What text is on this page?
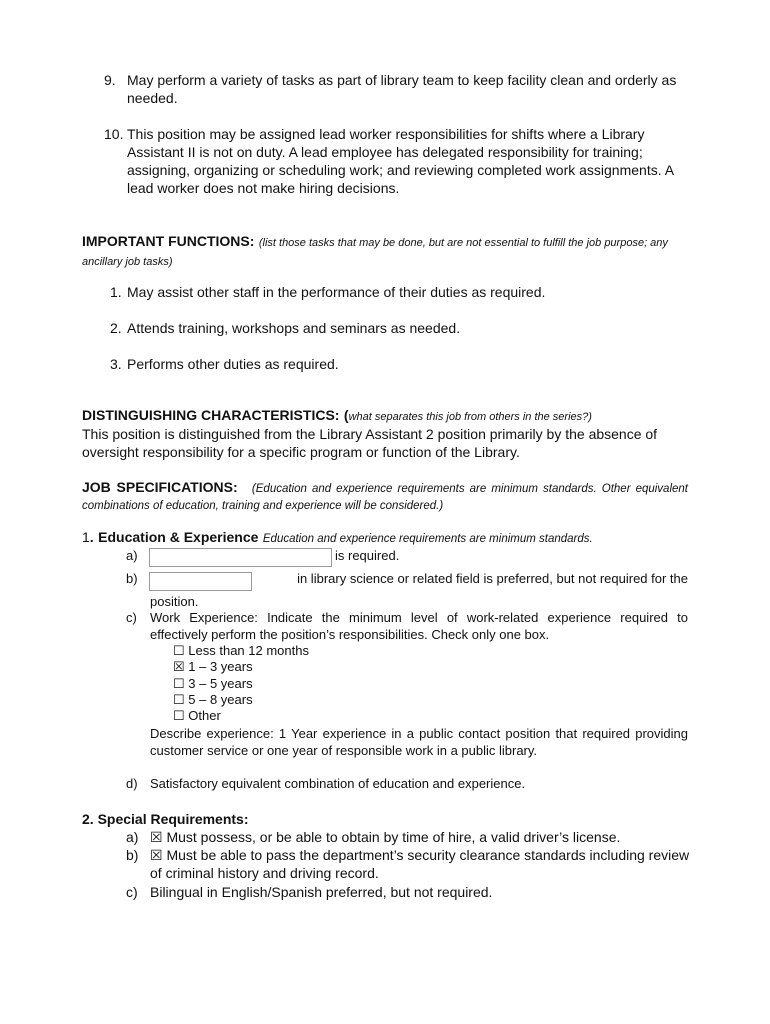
9. May perform a variety of tasks as part of library team to keep facility clean and orderly as needed.
10. This position may be assigned lead worker responsibilities for shifts where a Library Assistant II is not on duty. A lead employee has delegated responsibility for training; assigning, organizing or scheduling work; and reviewing completed work assignments. A lead worker does not make hiring decisions.
IMPORTANT FUNCTIONS: (list those tasks that may be done, but are not essential to fulfill the job purpose; any ancillary job tasks)
1. May assist other staff in the performance of their duties as required.
2. Attends training, workshops and seminars as needed.
3. Performs other duties as required.
DISTINGUISHING CHARACTERISTICS: (what separates this job from others in the series?)
This position is distinguished from the Library Assistant 2 position primarily by the absence of oversight responsibility for a specific program or function of the Library.
JOB SPECIFICATIONS: (Education and experience requirements are minimum standards. Other equivalent combinations of education, training and experience will be considered.)
1. Education & Experience Education and experience requirements are minimum standards.
a)	is required.
b)	in library science or related field is preferred, but not required for the
position.
c) Work Experience: Indicate the minimum level of work-related experience required to effectively perform the position’s responsibilities. Check only one box.
☐ Less than 12 months
☒ 1 – 3 years
☐ 3 – 5 years
☐ 5 – 8 years
☐ Other
Describe experience: 1 Year experience in a public contact position that required providing customer service or one year of responsible work in a public library.
d) Satisfactory equivalent combination of education and experience.
2. Special Requirements:
a) ☒ Must possess, or be able to obtain by time of hire, a valid driver’s license.
b) ☒ Must be able to pass the department’s security clearance standards including review of criminal history and driving record.
c) Bilingual in English/Spanish preferred, but not required.
